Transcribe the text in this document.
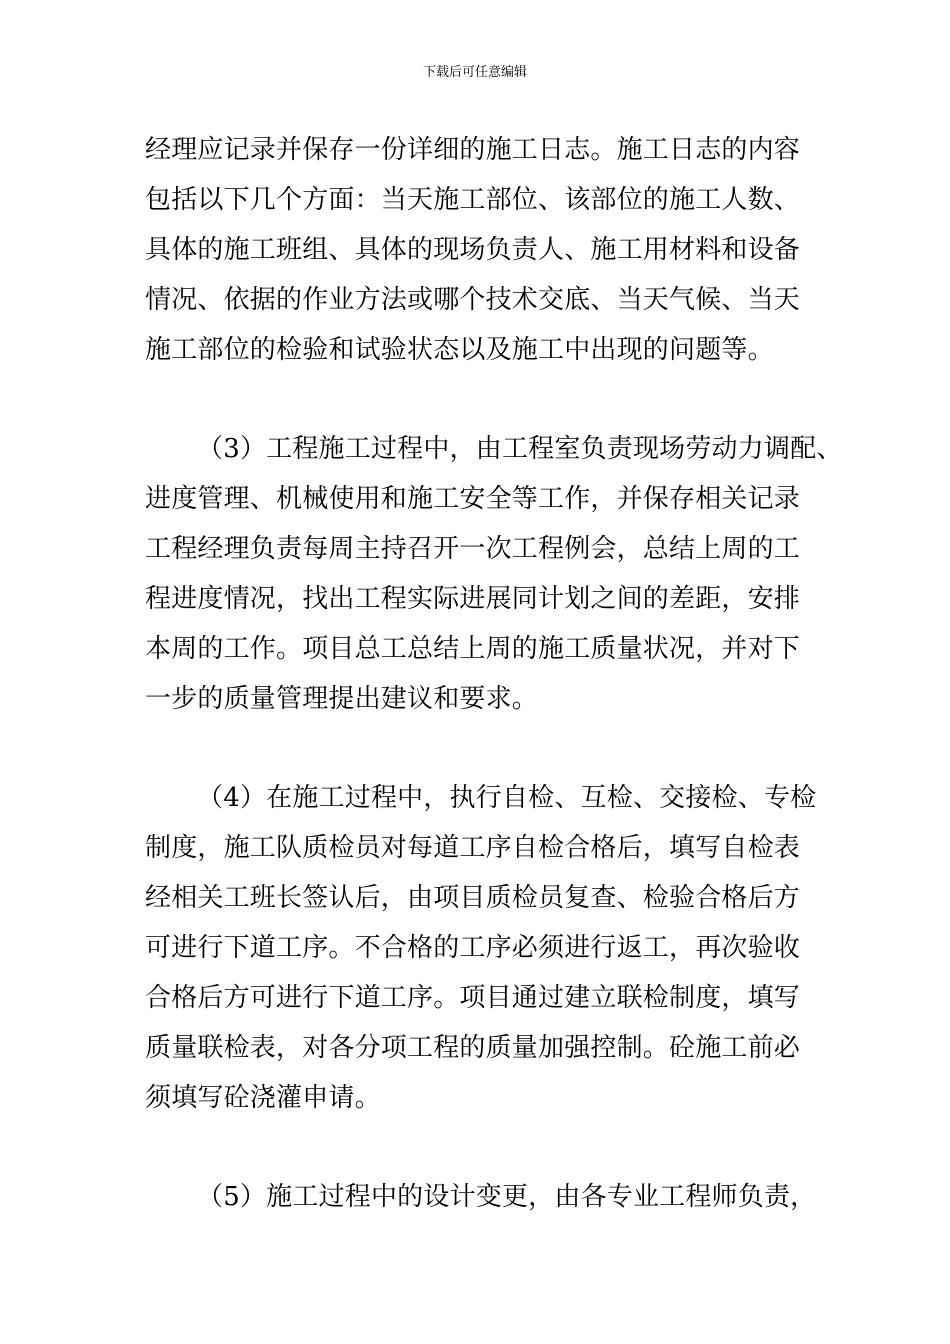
下载后可任意编辑
经理应记录并保存一份详细的施工日志。施工日志的内容
包括以下几个方面：当天施工部位、该部位的施工人数、
具体的施工班组、具体的现场负责人、施工用材料和设备
情况、依据的作业方法或哪个技术交底、当天气候、当天
施工部位的检验和试验状态以及施工中出现的问题等。
（3）工程施工过程中，由工程室负责现场劳动力调配、
进度管理、机械使用和施工安全等工作，并保存相关记录
工程经理负责每周主持召开一次工程例会，总结上周的工
程进度情况，找出工程实际进展同计划之间的差距，安排
本周的工作。项目总工总结上周的施工质量状况，并对下
一步的质量管理提出建议和要求。
（4）在施工过程中，执行自检、互检、交接检、专检
制度，施工队质检员对每道工序自检合格后，填写自检表
经相关工班长签认后，由项目质检员复查、检验合格后方
可进行下道工序。不合格的工序必须进行返工，再次验收
合格后方可进行下道工序。项目通过建立联检制度，填写
质量联检表，对各分项工程的质量加强控制。砼施工前必
须填写砼浇灌申请。
（5）施工过程中的设计变更，由各专业工程师负责，
